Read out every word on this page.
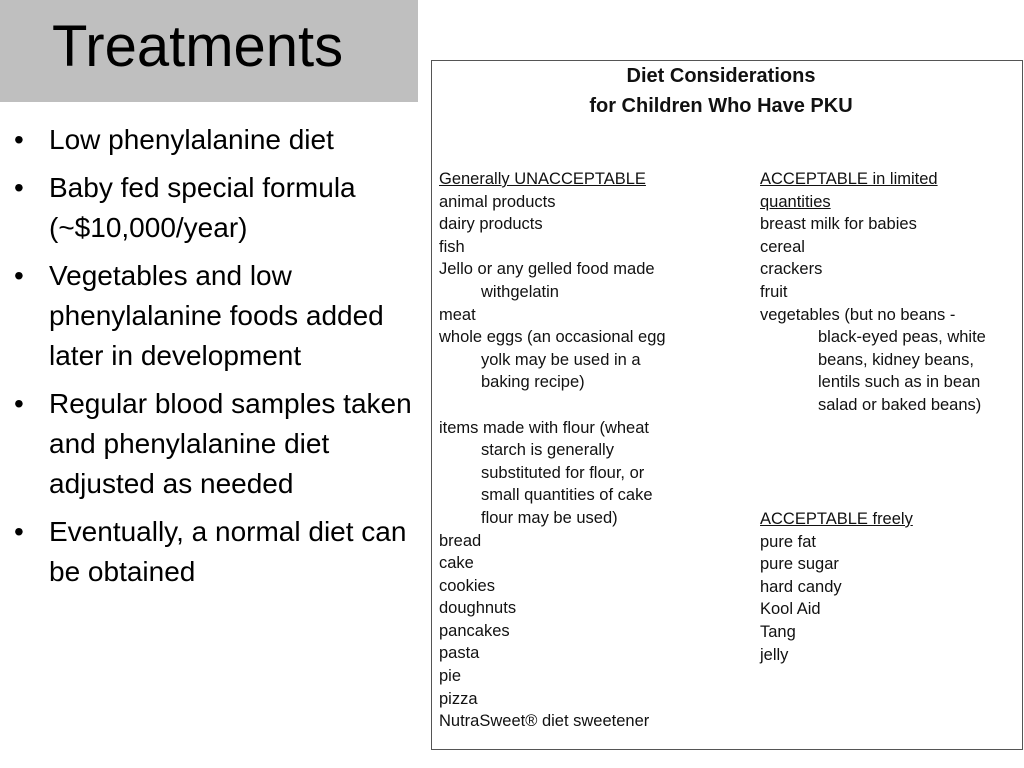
Treatments
• Low phenylalanine diet
• Baby fed special formula (~$10,000/year)
• Vegetables and low phenylalanine foods added later in development
• Regular blood samples taken and phenylalanine diet adjusted as needed
• Eventually, a normal diet can be obtained
Diet Considerations
for Children Who Have PKU
Generally UNACCEPTABLE
animal products
dairy products
fish
Jello or any gelled food made
withgelatin
meat
whole eggs (an occasional egg
yolk may be used in a
baking recipe)
items made with flour (wheat
starch is generally
substituted for flour, or
small quantities of cake
flour may be used)
bread
cake
cookies
doughnuts
pancakes
pasta
pie
pizza
NutraSweet® diet sweetener
ACCEPTABLE in limited
quantities
breast milk for babies
cereal
crackers
fruit
vegetables (but no beans -
black-eyed peas, white
beans, kidney beans,
lentils such as in bean
salad or baked beans)
ACCEPTABLE freely
pure fat
pure sugar
hard candy
Kool Aid
Tang
jelly
